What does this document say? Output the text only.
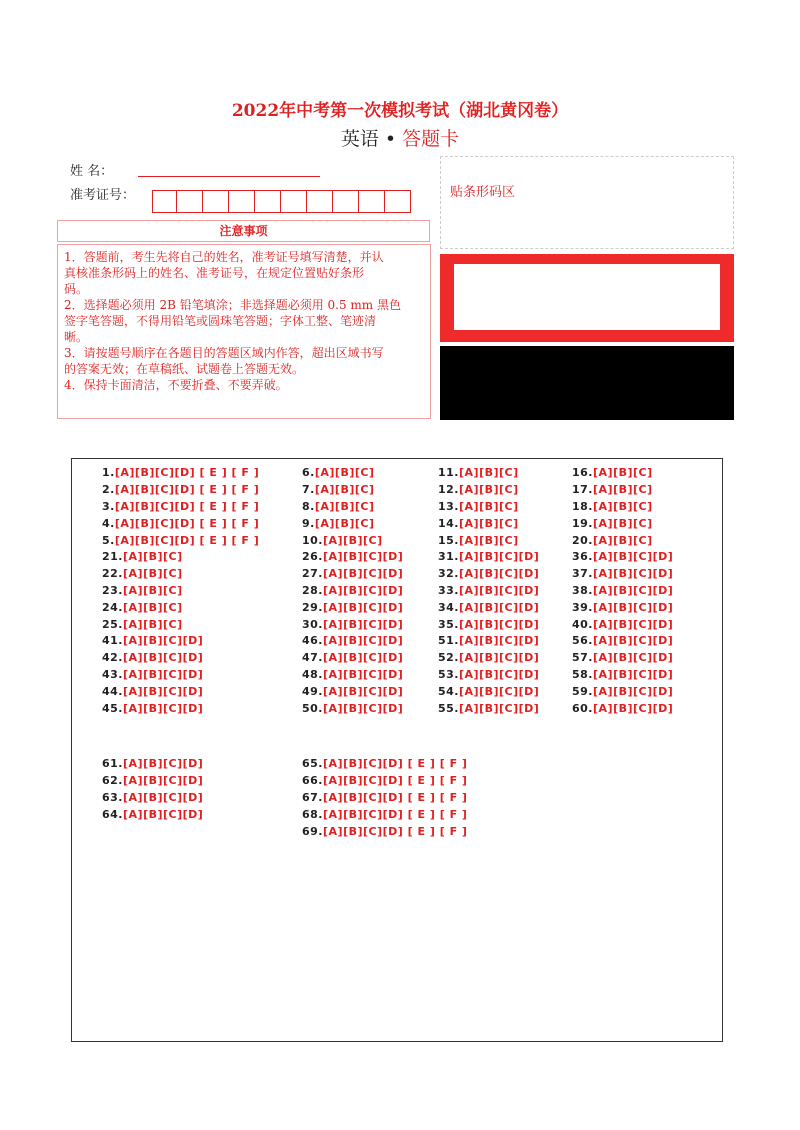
2022年中考第一次模拟考试（湖北黄冈卷）
英语 • 答题卡
姓 名：
准考证号：
注意事项

1．答题前，考生先将自己的姓名，准考证号填写清楚，并认

真核准条形码上的姓名、准考证号，在规定位置贴好条形

码。

2．选择题必须用 2B 铅笔填涂；非选择题必须用 0.5 mm 黑色

签字笔答题，不得用铅笔或圆珠笔答题；字体工整、笔迹清

晰。

3．请按题号顺序在各题目的答题区域内作答，超出区域书写

的答案无效；在草稿纸、试题卷上答题无效。

4．保持卡面清洁，不要折叠、不要弄破。

贴条形码区
1.[A][B][C][D] [ E ] [ F ]
2.[A][B][C][D] [ E ] [ F ]
3.[A][B][C][D] [ E ] [ F ]
4.[A][B][C][D] [ E ] [ F ]
5.[A][B][C][D] [ E ] [ F ]
6.[A][B][C]
7.[A][B][C]
8.[A][B][C]
9.[A][B][C]
10.[A][B][C]
11.[A][B][C]
12.[A][B][C]
13.[A][B][C]
14.[A][B][C]
15.[A][B][C]
16.[A][B][C]
17.[A][B][C]
18.[A][B][C]
19.[A][B][C]
20.[A][B][C]
21.[A][B][C]
22.[A][B][C]
23.[A][B][C]
24.[A][B][C]
25.[A][B][C]
26.[A][B][C][D]
27.[A][B][C][D]
28.[A][B][C][D]
29.[A][B][C][D]
30.[A][B][C][D]
31.[A][B][C][D]
32.[A][B][C][D]
33.[A][B][C][D]
34.[A][B][C][D]
35.[A][B][C][D]
36.[A][B][C][D]
37.[A][B][C][D]
38.[A][B][C][D]
39.[A][B][C][D]
40.[A][B][C][D]
41.[A][B][C][D]
42.[A][B][C][D]
43.[A][B][C][D]
44.[A][B][C][D]
45.[A][B][C][D]
46.[A][B][C][D]
47.[A][B][C][D]
48.[A][B][C][D]
49.[A][B][C][D]
50.[A][B][C][D]
51.[A][B][C][D]
52.[A][B][C][D]
53.[A][B][C][D]
54.[A][B][C][D]
55.[A][B][C][D]
56.[A][B][C][D]
57.[A][B][C][D]
58.[A][B][C][D]
59.[A][B][C][D]
60.[A][B][C][D]
61.[A][B][C][D]
62.[A][B][C][D]
63.[A][B][C][D]
64.[A][B][C][D]
65.[A][B][C][D] [ E ] [ F ]
66.[A][B][C][D] [ E ] [ F ]
67.[A][B][C][D] [ E ] [ F ]
68.[A][B][C][D] [ E ] [ F ]
69.[A][B][C][D] [ E ] [ F ]
